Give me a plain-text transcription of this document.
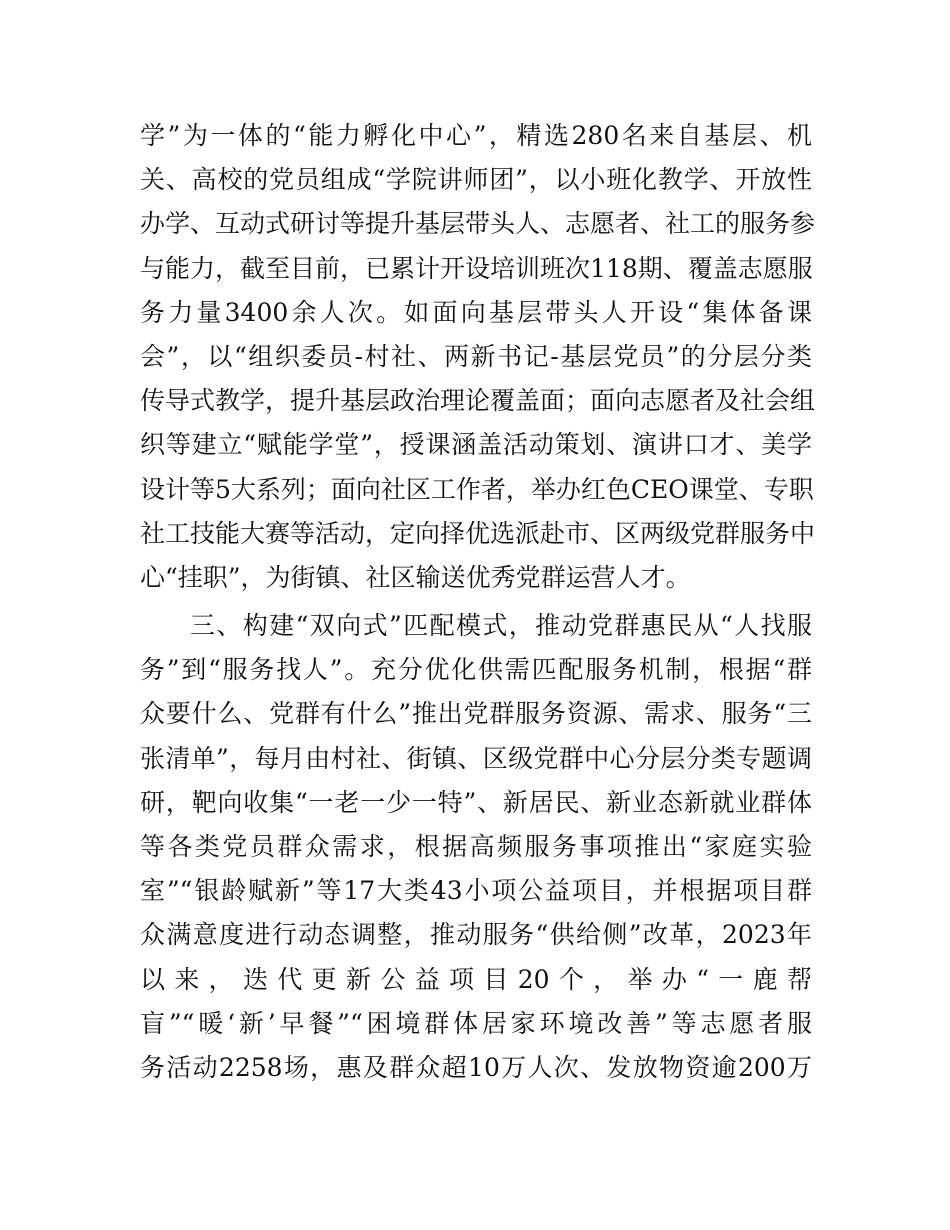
学”为一体的“能力孵化中心”，精选280名来自基层、机
关、高校的党员组成“学院讲师团”，以小班化教学、开放性
办学、互动式研讨等提升基层带头人、志愿者、社工的服务参
与能力，截至目前，已累计开设培训班次118期、覆盖志愿服
务力量3400余人次。如面向基层带头人开设“集体备课
会”，以“组织委员-村社、两新书记-基层党员”的分层分类
传导式教学，提升基层政治理论覆盖面；面向志愿者及社会组
织等建立“赋能学堂”，授课涵盖活动策划、演讲口才、美学
设计等5大系列；面向社区工作者，举办红色CEO课堂、专职
社工技能大赛等活动，定向择优选派赴市、区两级党群服务中
心“挂职”，为街镇、社区输送优秀党群运营人才。
三、构建“双向式”匹配模式，推动党群惠民从“人找服
务”到“服务找人”。充分优化供需匹配服务机制，根据“群
众要什么、党群有什么”推出党群服务资源、需求、服务“三
张清单”，每月由村社、街镇、区级党群中心分层分类专题调
研，靶向收集“一老一少一特”、新居民、新业态新就业群体
等各类党员群众需求，根据高频服务事项推出“家庭实验
室”“银龄赋新”等17大类43小项公益项目，并根据项目群
众满意度进行动态调整，推动服务“供给侧”改革，2023年
以来，迭代更新公益项目20个，举办“一鹿帮
盲”“暖‘新’早餐”“困境群体居家环境改善”等志愿者服
务活动2258场，惠及群众超10万人次、发放物资逾200万
